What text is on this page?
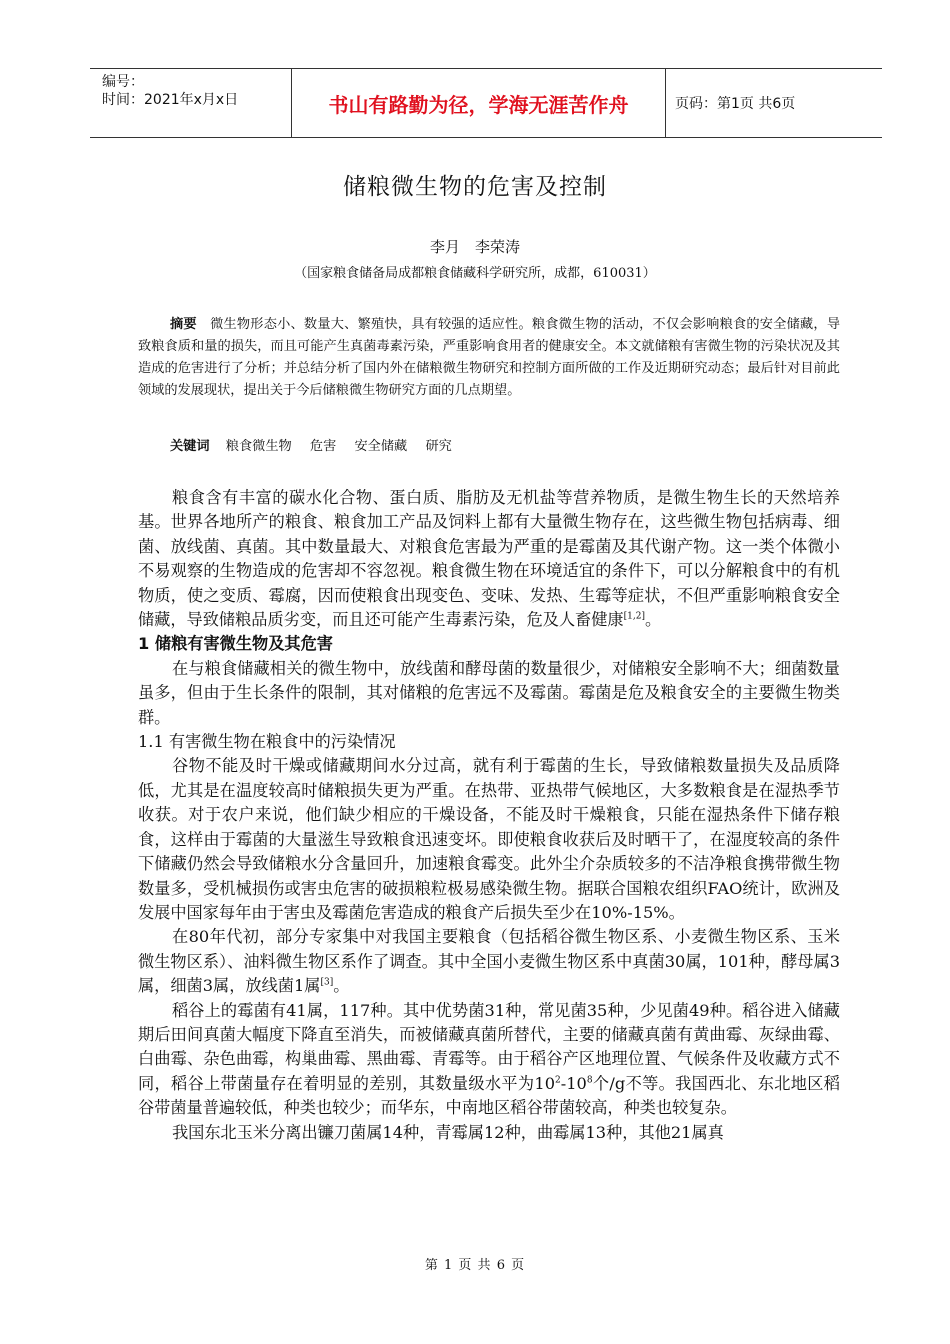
编号：
时间：2021年x月x日	书山有路勤为径，学海无涯苦作舟	页码：第1页 共6页
储粮微生物的危害及控制
李月　李荣涛
（国家粮食储备局成都粮食储藏科学研究所，成都，610031）
摘要 微生物形态小、数量大、繁殖快，具有较强的适应性。粮食微生物的活动，不仅会影响粮食的安全储藏，导致粮食质和量的损失，而且可能产生真菌毒素污染，严重影响食用者的健康安全。本文就储粮有害微生物的污染状况及其造成的危害进行了分析；并总结分析了国内外在储粮微生物研究和控制方面所做的工作及近期研究动态；最后针对目前此领域的发展现状，提出关于今后储粮微生物研究方面的几点期望。
关键词 粮食微生物 危害 安全储藏 研究

粮食含有丰富的碳水化合物、蛋白质、脂肪及无机盐等营养物质，是微生物生长的天然培养基。世界各地所产的粮食、粮食加工产品及饲料上都有大量微生物存在，这些微生物包括病毒、细菌、放线菌、真菌。其中数量最大、对粮食危害最为严重的是霉菌及其代谢产物。这一类个体微小不易观察的生物造成的危害却不容忽视。粮食微生物在环境适宜的条件下，可以分解粮食中的有机物质，使之变质、霉腐，因而使粮食出现变色、变味、发热、生霉等症状，不但严重影响粮食安全储藏，导致储粮品质劣变，而且还可能产生毒素污染，危及人畜健康[1,2]。

1 储粮有害微生物及其危害

在与粮食储藏相关的微生物中，放线菌和酵母菌的数量很少，对储粮安全影响不大；细菌数量虽多，但由于生长条件的限制，其对储粮的危害远不及霉菌。霉菌是危及粮食安全的主要微生物类群。

1.1 有害微生物在粮食中的污染情况

谷物不能及时干燥或储藏期间水分过高，就有利于霉菌的生长，导致储粮数量损失及品质降低，尤其是在温度较高时储粮损失更为严重。在热带、亚热带气候地区，大多数粮食是在湿热季节收获。对于农户来说，他们缺少相应的干燥设备，不能及时干燥粮食，只能在湿热条件下储存粮食，这样由于霉菌的大量滋生导致粮食迅速变坏。即使粮食收获后及时晒干了，在湿度较高的条件下储藏仍然会导致储粮水分含量回升，加速粮食霉变。此外尘介杂质较多的不洁净粮食携带微生物数量多，受机械损伤或害虫危害的破损粮粒极易感染微生物。据联合国粮农组织FAO统计，欧洲及发展中国家每年由于害虫及霉菌危害造成的粮食产后损失至少在10%-15%。

在80年代初，部分专家集中对我国主要粮食（包括稻谷微生物区系、小麦微生物区系、玉米微生物区系）、油料微生物区系作了调查。其中全国小麦微生物区系中真菌30属，101种，酵母属3属，细菌3属，放线菌1属[3]。

稻谷上的霉菌有41属，117种。其中优势菌31种，常见菌35种，少见菌49种。稻谷进入储藏期后田间真菌大幅度下降直至消失，而被储藏真菌所替代，主要的储藏真菌有黄曲霉、灰绿曲霉、白曲霉、杂色曲霉，构巢曲霉、黑曲霉、青霉等。由于稻谷产区地理位置、气候条件及收藏方式不同，稻谷上带菌量存在着明显的差别，其数量级水平为$10^2-10^8$个/g不等。我国西北、东北地区稻谷带菌量普遍较低，种类也较少；而华东，中南地区稻谷带菌较高，种类也较复杂。

我国东北玉米分离出镰刀菌属14种，青霉属12种，曲霉属13种，其他21属真

第 1 页 共 6 页
